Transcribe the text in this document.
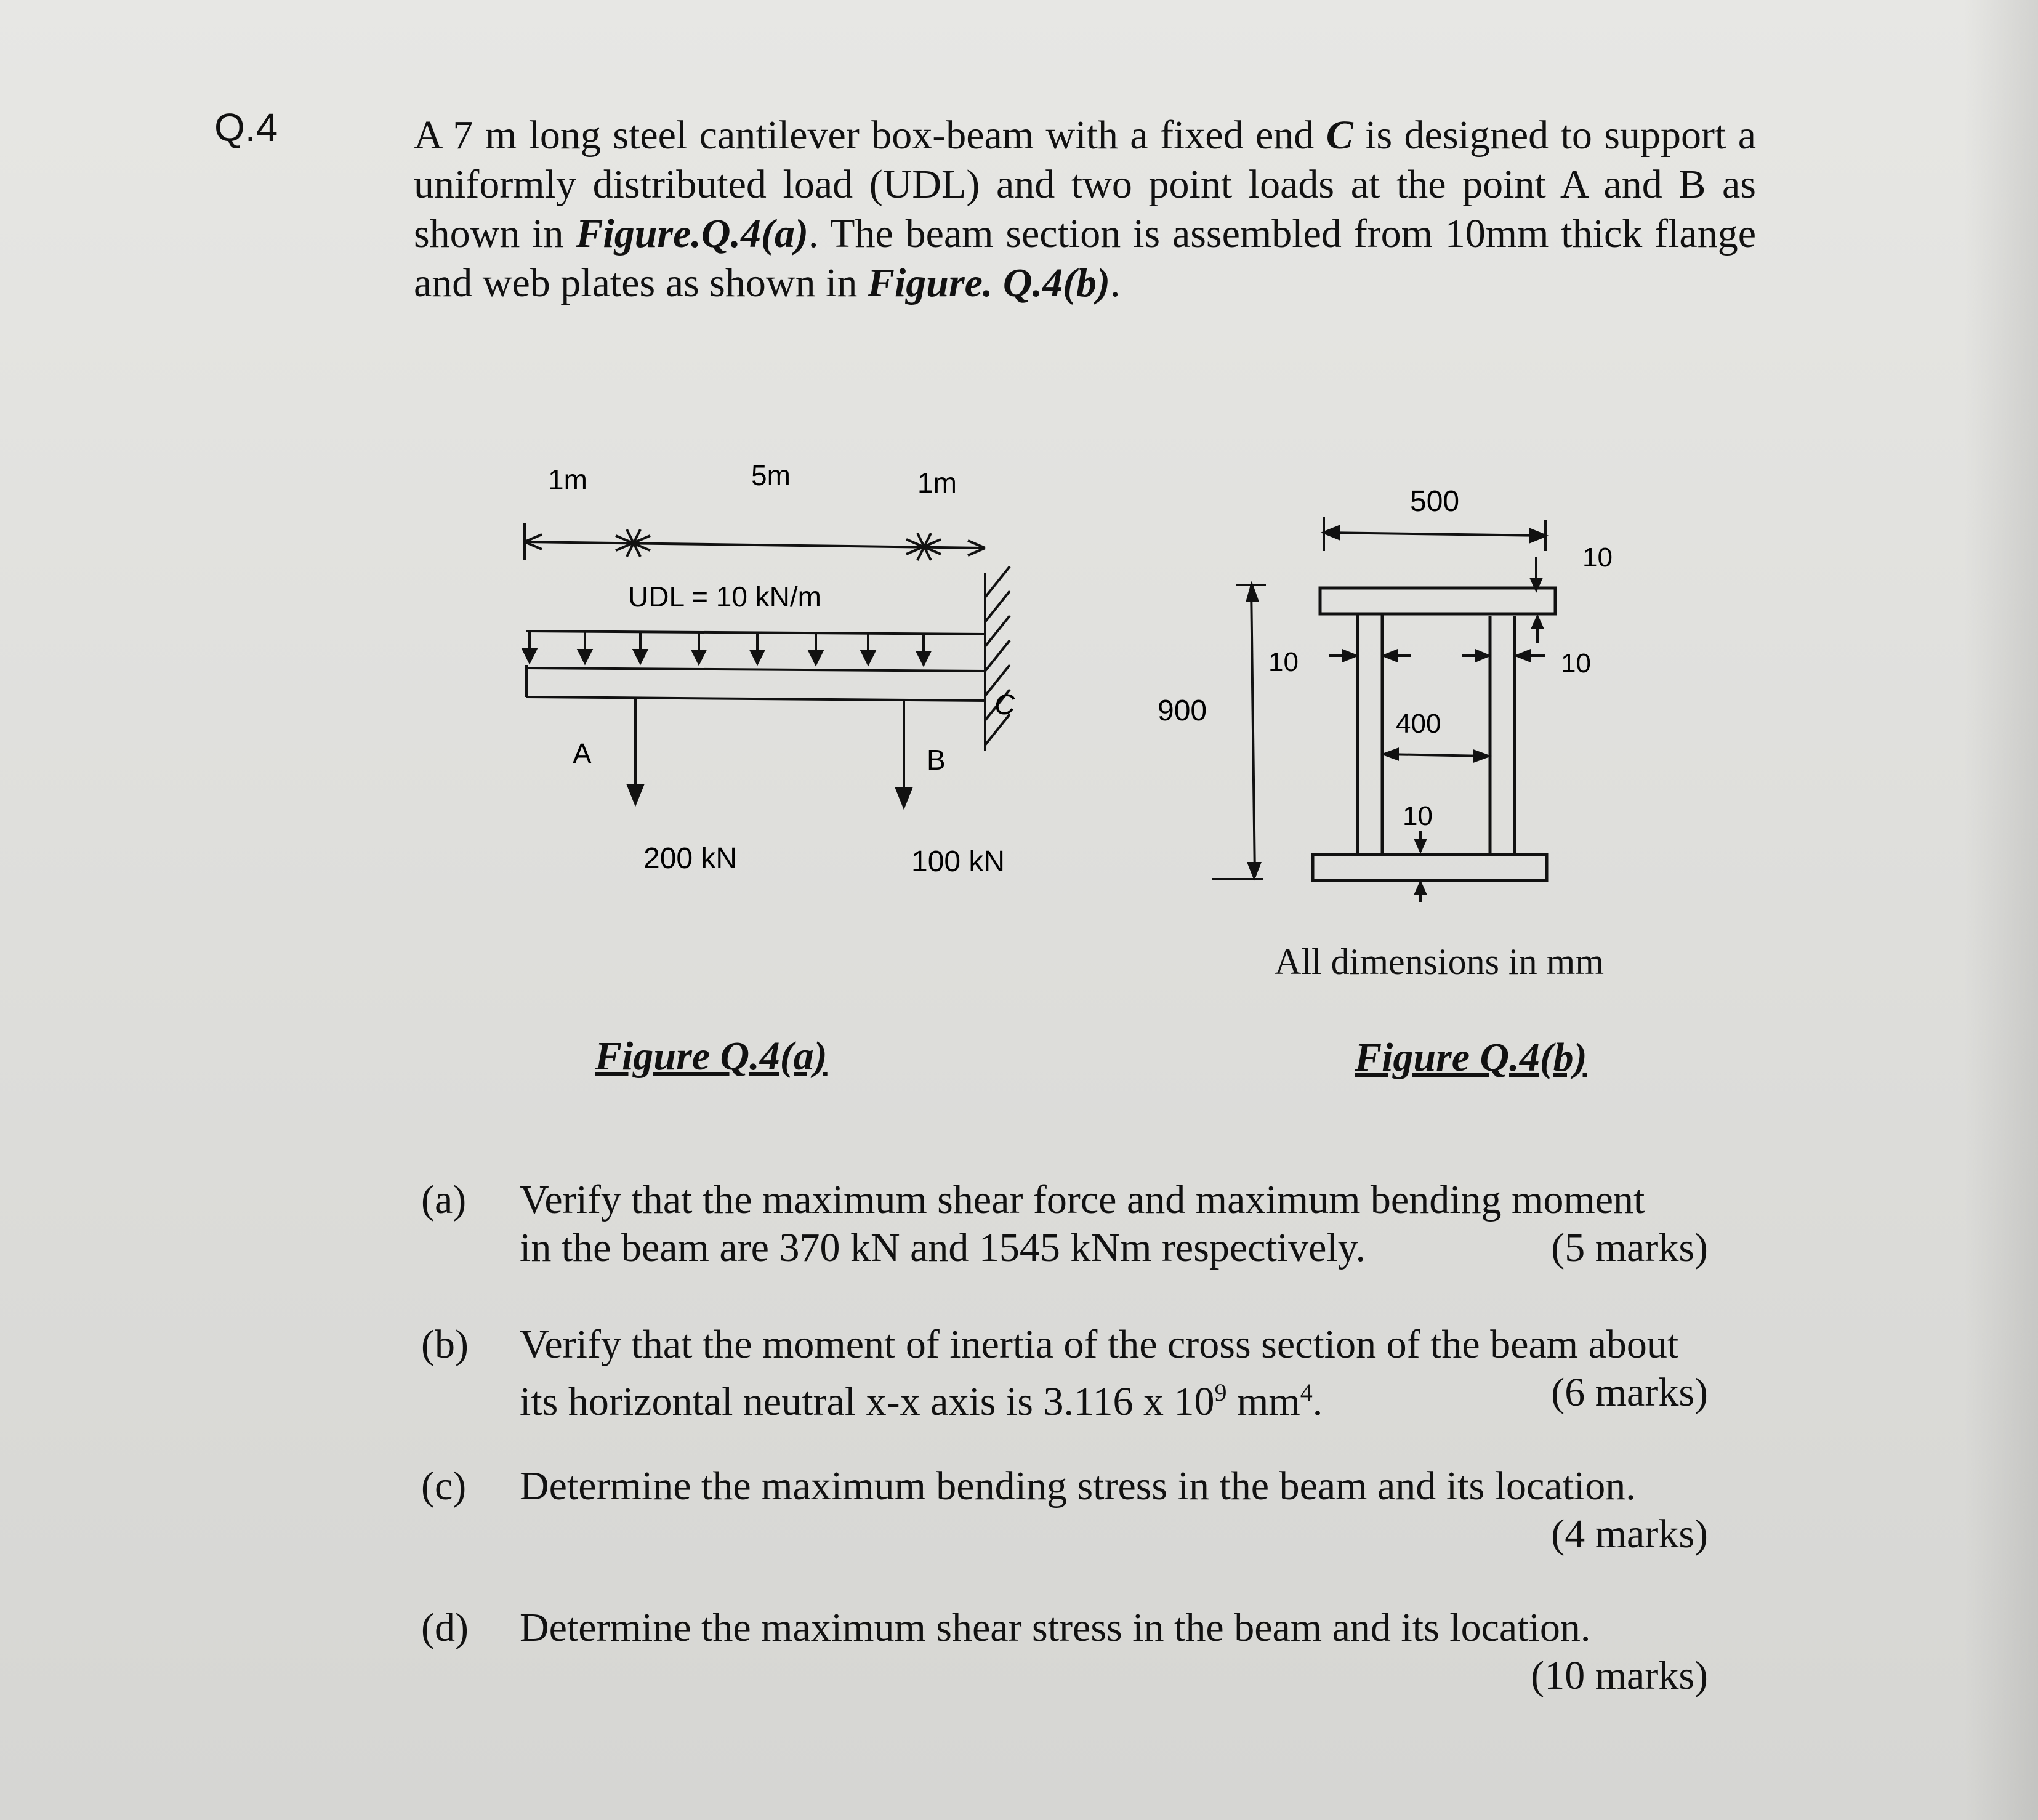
Q.4	A 7 m long steel cantilever box-beam with a fixed end C is designed to support a uniformly distributed load (UDL) and two point loads at the point A and B as shown in Figure.Q.4(a). The beam section is assembled from 10mm thick flange and web plates as shown in Figure. Q.4(b).
1m	5m	1m
UDL = 10 kN/m
C
A	B
200 kN	100 kN
500
10
900
10	10
400
10
All dimensions in mm
Figure Q.4(a)	Figure Q.4(b)
(a) Verify that the maximum shear force and maximum bending moment
in the beam are 370 kN and 1545 kNm respectively.	(5 marks)
(b) Verify that the moment of inertia of the cross section of the beam about
its horizontal neutral x-x axis is 3.116 x $10^9$ $mm^4$.	(6 marks)
(c) Determine the maximum bending stress in the beam and its location.
(4 marks)
(d) Determine the maximum shear stress in the beam and its location.
(10 marks)
